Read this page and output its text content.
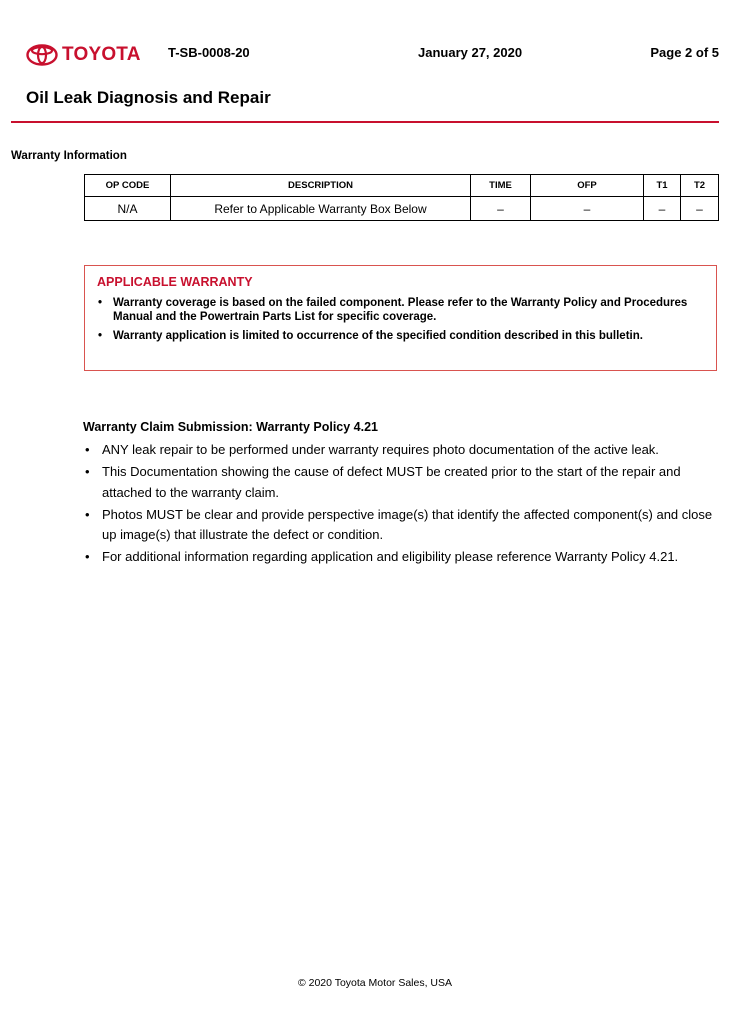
TOYOTA T-SB-0008-20	January 27, 2020	Page 2 of 5
Oil Leak Diagnosis and Repair
Warranty Information
OP CODE	DESCRIPTION	TIME	OFP	T1	T2
N/A	Refer to Applicable Warranty Box Below	–	–	–	–
APPLICABLE WARRANTY
• Warranty coverage is based on the failed component. Please refer to the Warranty Policy and Procedures Manual and the Powertrain Parts List for specific coverage.
• Warranty application is limited to occurrence of the specified condition described in this bulletin.
Warranty Claim Submission: Warranty Policy 4.21
• ANY leak repair to be performed under warranty requires photo documentation of the active leak.
• This Documentation showing the cause of defect MUST be created prior to the start of the repair and attached to the warranty claim.
• Photos MUST be clear and provide perspective image(s) that identify the affected component(s) and close up image(s) that illustrate the defect or condition.
• For additional information regarding application and eligibility please reference Warranty Policy 4.21.
© 2020 Toyota Motor Sales, USA
